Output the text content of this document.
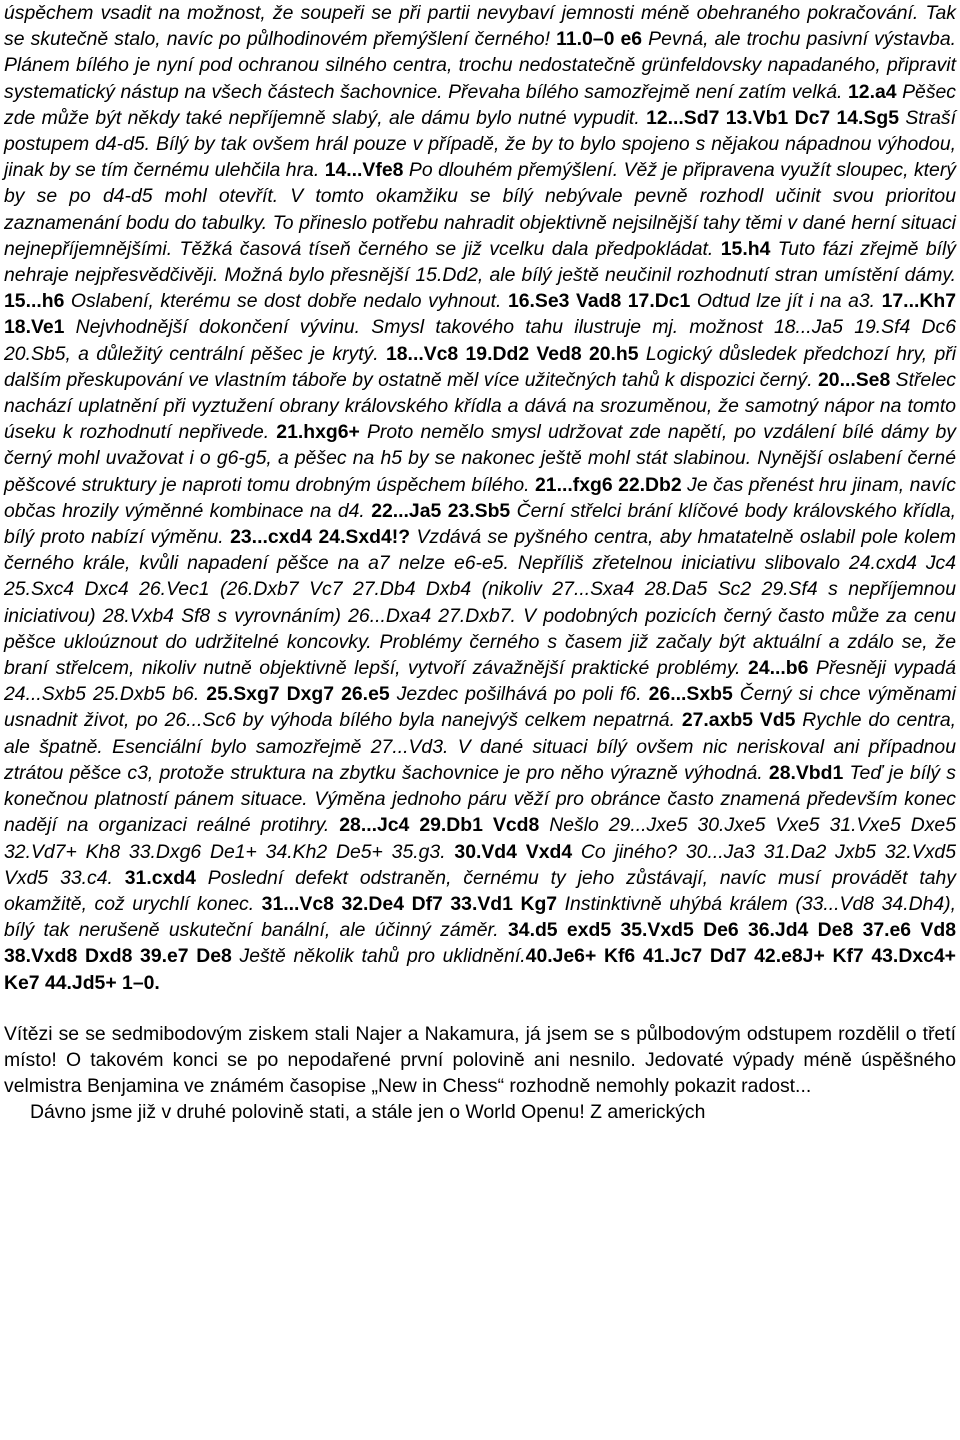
úspěchem vsadit na možnost, že soupeři se při partii nevybaví jemnosti méně obehraného pokračování. Tak se skutečně stalo, navíc po půlhodinovém přemýšlení černého! 11.0–0 e6 Pevná, ale trochu pasivní výstavba. Plánem bílého je nyní pod ochranou silného centra, trochu nedostatečně grünfeldovsky napadaného, připravit systematický nástup na všech částech šachovnice. Převaha bílého samozřejmě není zatím velká. 12.a4 Pěšec zde může být někdy také nepříjemně slabý, ale dámu bylo nutné vypudit. 12...Sd7 13.Vb1 Dc7 14.Sg5 Straší postupem d4-d5. Bílý by tak ovšem hrál pouze v případě, že by to bylo spojeno s nějakou nápadnou výhodou, jinak by se tím černému ulehčila hra. 14...Vfe8 Po dlouhém přemýšlení. Věž je připravena využít sloupec, který by se po d4-d5 mohl otevřít. V tomto okamžiku se bílý nebývale pevně rozhodl učinit svou prioritou zaznamenání bodu do tabulky. To přineslo potřebu nahradit objektivně nejsilnější tahy těmi v dané herní situaci nejnepříjemnějšími. Těžká časová tíseň černého se již vcelku dala předpokládat. 15.h4 Tuto fázi zřejmě bílý nehraje nejpřesvědčivěji. Možná bylo přesnější 15.Dd2, ale bílý ještě neučinil rozhodnutí stran umístění dámy. 15...h6 Oslabení, kterému se dost dobře nedalo vyhnout. 16.Se3 Vad8 17.Dc1 Odtud lze jít i na a3. 17...Kh7 18.Ve1 Nejvhodnější dokončení vývinu. Smysl takového tahu ilustruje mj. možnost 18...Ja5 19.Sf4 Dc6 20.Sb5, a důležitý centrální pěšec je krytý. 18...Vc8 19.Dd2 Ved8 20.h5 Logický důsledek předchozí hry, při dalším přeskupování ve vlastním táboře by ostatně měl více užitečných tahů k dispozici černý. 20...Se8 Střelec nachází uplatnění při vyztužení obrany královského křídla a dává na srozuměnou, že samotný nápor na tomto úseku k rozhodnutí nepřivede. 21.hxg6+ Proto nemělo smysl udržovat zde napětí, po vzdálení bílé dámy by černý mohl uvažovat i o g6-g5, a pěšec na h5 by se nakonec ještě mohl stát slabinou. Nynější oslabení černé pěšcové struktury je naproti tomu drobným úspěchem bílého. 21...fxg6 22.Db2 Je čas přenést hru jinam, navíc občas hrozily výměnné kombinace na d4. 22...Ja5 23.Sb5 Černí střelci brání klíčové body královského křídla, bílý proto nabízí výměnu. 23...cxd4 24.Sxd4!? Vzdává se pyšného centra, aby hmatatelně oslabil pole kolem černého krále, kvůli napadení pěšce na a7 nelze e6-e5. Nepříliš zřetelnou iniciativu slibovalo 24.cxd4 Jc4 25.Sxc4 Dxc4 26.Vec1 (26.Dxb7 Vc7 27.Db4 Dxb4 (nikoliv 27...Sxa4 28.Da5 Sc2 29.Sf4 s nepříjemnou iniciativou) 28.Vxb4 Sf8 s vyrovnáním) 26...Dxa4 27.Dxb7. V podobných pozicích černý často může za cenu pěšce ukloúznout do udržitelné koncovky. Problémy černého s časem již začaly být aktuální a zdálo se, že braní střelcem, nikoliv nutně objektivně lepší, vytvoří závažnější praktické problémy. 24...b6 Přesněji vypadá 24...Sxb5 25.Dxb5 b6. 25.Sxg7 Dxg7 26.e5 Jezdec pošilhává po poli f6. 26...Sxb5 Černý si chce výměnami usnadnit život, po 26...Sc6 by výhoda bílého byla nanejvýš celkem nepatrná. 27.axb5 Vd5 Rychle do centra, ale špatně. Esenciální bylo samozřejmě 27...Vd3. V dané situaci bílý ovšem nic neriskoval ani případnou ztrátou pěšce c3, protože struktura na zbytku šachovnice je pro něho výrazně výhodná. 28.Vbd1 Teď je bílý s konečnou platností pánem situace. Výměna jednoho páru věží pro obránce často znamená především konec nadějí na organizaci reálné protihry. 28...Jc4 29.Db1 Vcd8 Nešlo 29...Jxe5 30.Jxe5 Vxe5 31.Vxe5 Dxe5 32.Vd7+ Kh8 33.Dxg6 De1+ 34.Kh2 De5+ 35.g3. 30.Vd4 Vxd4 Co jiného? 30...Ja3 31.Da2 Jxb5 32.Vxd5 Vxd5 33.c4. 31.cxd4 Poslední defekt odstraněn, černému ty jeho zůstávají, navíc musí provádět tahy okamžitě, což urychlí konec. 31...Vc8 32.De4 Df7 33.Vd1 Kg7 Instinktivně uhýbá králem (33...Vd8 34.Dh4), bílý tak nerušeně uskuteční banální, ale účinný záměr. 34.d5 exd5 35.Vxd5 De6 36.Jd4 De8 37.e6 Vd8 38.Vxd8 Dxd8 39.e7 De8 Ještě několik tahů pro uklidnění.40.Je6+ Kf6 41.Jc7 Dd7 42.e8J+ Kf7 43.Dxc4+ Ke7 44.Jd5+ 1–0.

Vítězi se se sedmibodovým ziskem stali Najer a Nakamura, já jsem se s půlbodovým odstupem rozdělil o třetí místo! O takovém konci se po nepodařené první polovině ani nesnilo. Jedovaté výpady méně úspěšného velmistra Benjamina ve známém časopise „New in Chess“ rozhodně nemohly pokazit radost...

Dávno jsme již v druhé polovině stati, a stále jen o World Openu! Z amerických
